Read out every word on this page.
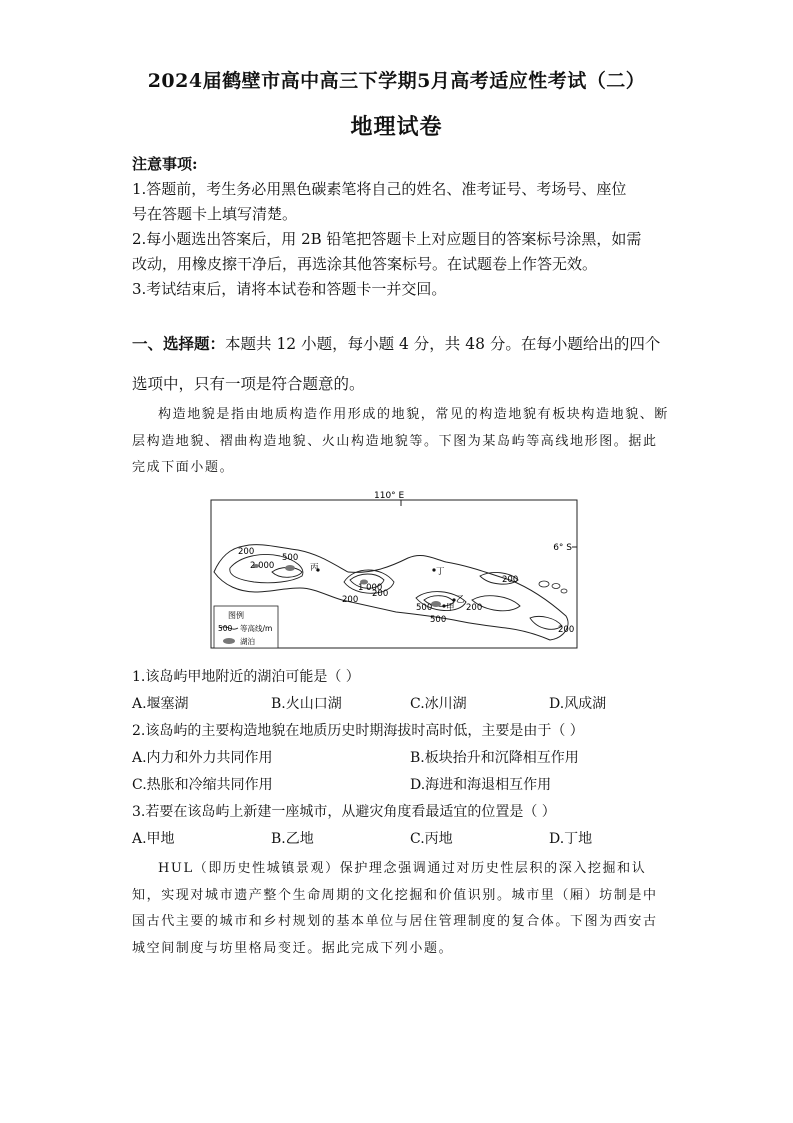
2024届鹤壁市高中高三下学期5月高考适应性考试（二）
地理试卷
注意事项:
1.答题前，考生务必用黑色碳素笔将自己的姓名、准考证号、考场号、座位
号在答题卡上填写清楚。
2.每小题选出答案后，用 2B 铅笔把答题卡上对应题目的答案标号涂黑，如需
改动，用橡皮擦干净后，再选涂其他答案标号。在试题卷上作答无效。
3.考试结束后，请将本试卷和答题卡一并交回。
一、选择题：本题共 12 小题，每小题 4 分，共 48 分。在每小题给出的四个
选项中，只有一项是符合题意的。
构造地貌是指由地质构造作用形成的地貌，常见的构造地貌有板块构造地貌、断层构造地貌、褶曲构造地貌、火山构造地貌等。下图为某岛屿等高线地形图。据此完成下面小题。
110° E
6° S
200
2 000
500
丙
1 000
200
200
丁
200
500
乙
甲 200
500
200
图例
500 等高线/m
湖泊
1.该岛屿甲地附近的湖泊可能是（ ）
A.堰塞湖	B.火山口湖	C.冰川湖	D.风成湖
2.该岛屿的主要构造地貌在地质历史时期海拔时高时低，主要是由于（ ）
A.内力和外力共同作用	B.板块抬升和沉降相互作用
C.热胀和冷缩共同作用	D.海进和海退相互作用
3.若要在该岛屿上新建一座城市，从避灾角度看最适宜的位置是（ ）
A.甲地	B.乙地	C.丙地	D.丁地
HUL（即历史性城镇景观）保护理念强调通过对历史性层积的深入挖掘和认知，实现对城市遗产整个生命周期的文化挖掘和价值识别。城市里（厢）坊制是中国古代主要的城市和乡村规划的基本单位与居住管理制度的复合体。下图为西安古城空间制度与坊里格局变迁。据此完成下列小题。
